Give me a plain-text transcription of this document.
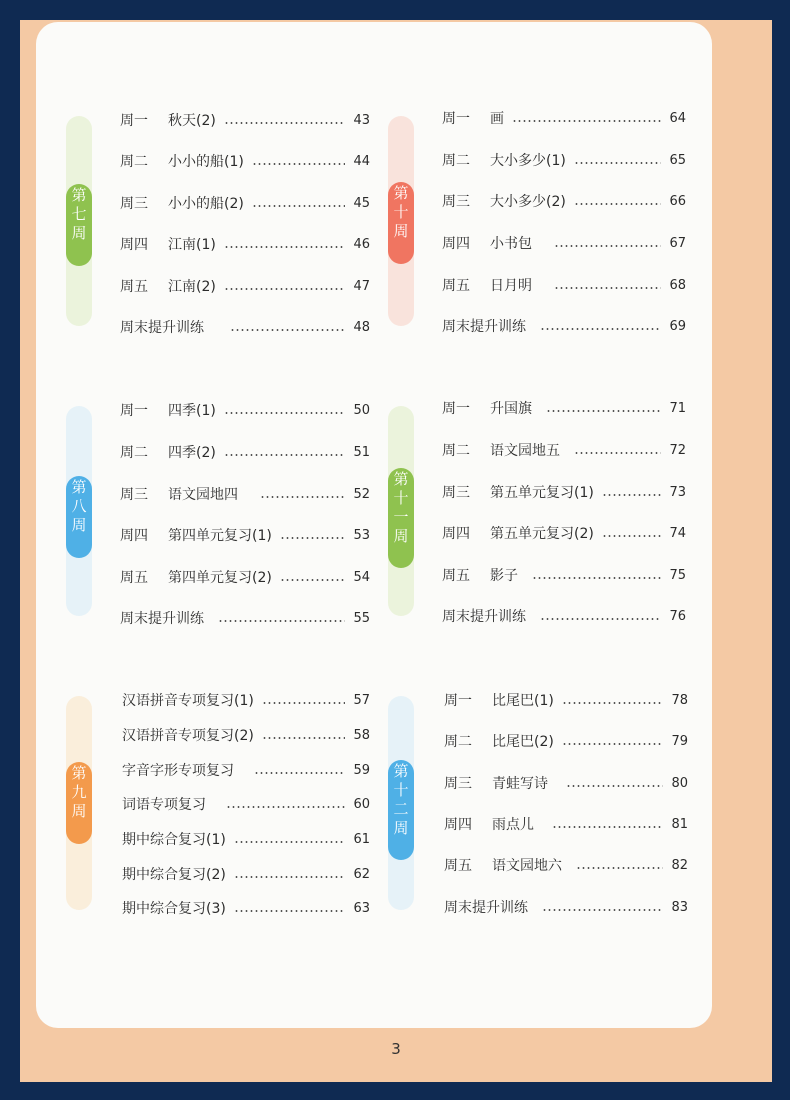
第
七
周
周一	秋天(2)	43
周二	小小的船(1)	44
周三	小小的船(2)	45
周四	江南(1)	46
周五	江南(2)	47
周末提升训练	48
第
十
周
周一	画	64
周二	大小多少(1)	65
周三	大小多少(2)	66
周四	小书包	67
周五	日月明	68
周末提升训练	69
第
八
周
周一	四季(1)	50
周二	四季(2)	51
周三	语文园地四	52
周四	第四单元复习(1)	53
周五	第四单元复习(2)	54
周末提升训练	55
第
十
一
周
周一	升国旗	71
周二	语文园地五	72
周三	第五单元复习(1)	73
周四	第五单元复习(2)	74
周五	影子	75
周末提升训练	76
第
九
周
汉语拼音专项复习(1)	57
汉语拼音专项复习(2)	58
字音字形专项复习	59
词语专项复习	60
期中综合复习(1)	61
期中综合复习(2)	62
期中综合复习(3)	63
第
十
二
周
周一	比尾巴(1)	78
周二	比尾巴(2)	79
周三	青蛙写诗	80
周四	雨点儿	81
周五	语文园地六	82
周末提升训练	83
3
